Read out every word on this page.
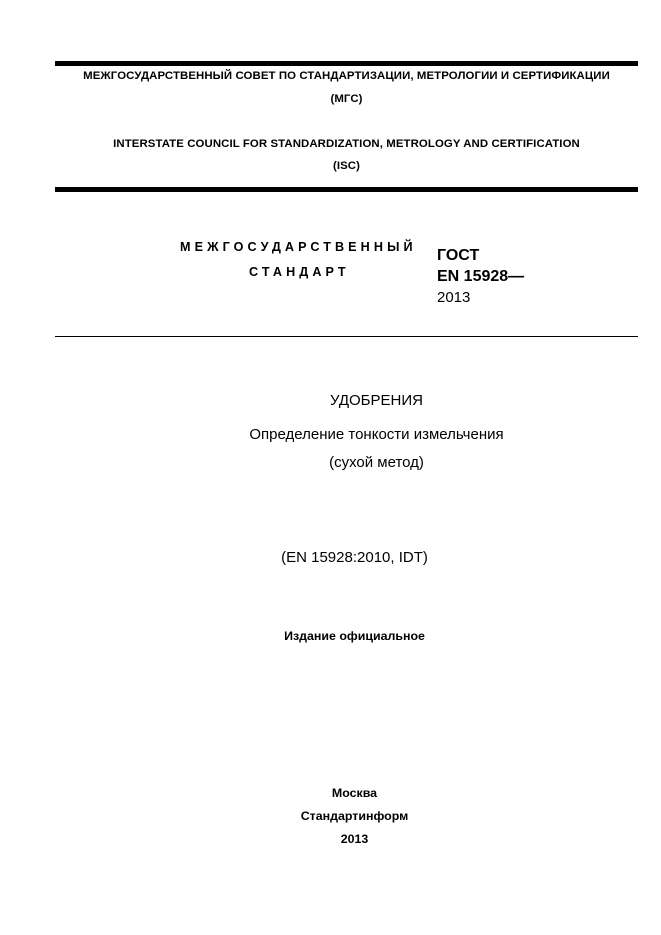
МЕЖГОСУДАРСТВЕННЫЙ СОВЕТ ПО СТАНДАРТИЗАЦИИ, МЕТРОЛОГИИ И СЕРТИФИКАЦИИ
(МГС)
INTERSTATE COUNCIL FOR STANDARDIZATION, METROLOGY AND CERTIFICATION
(ISC)
МЕЖГОСУДАРСТВЕННЫЙ
СТАНДАРТ
ГОСТ
EN 15928—
2013
УДОБРЕНИЯ
Определение тонкости измельчения
(сухой метод)
(EN 15928:2010, IDT)
Издание официальное
Москва
Стандартинформ
2013
